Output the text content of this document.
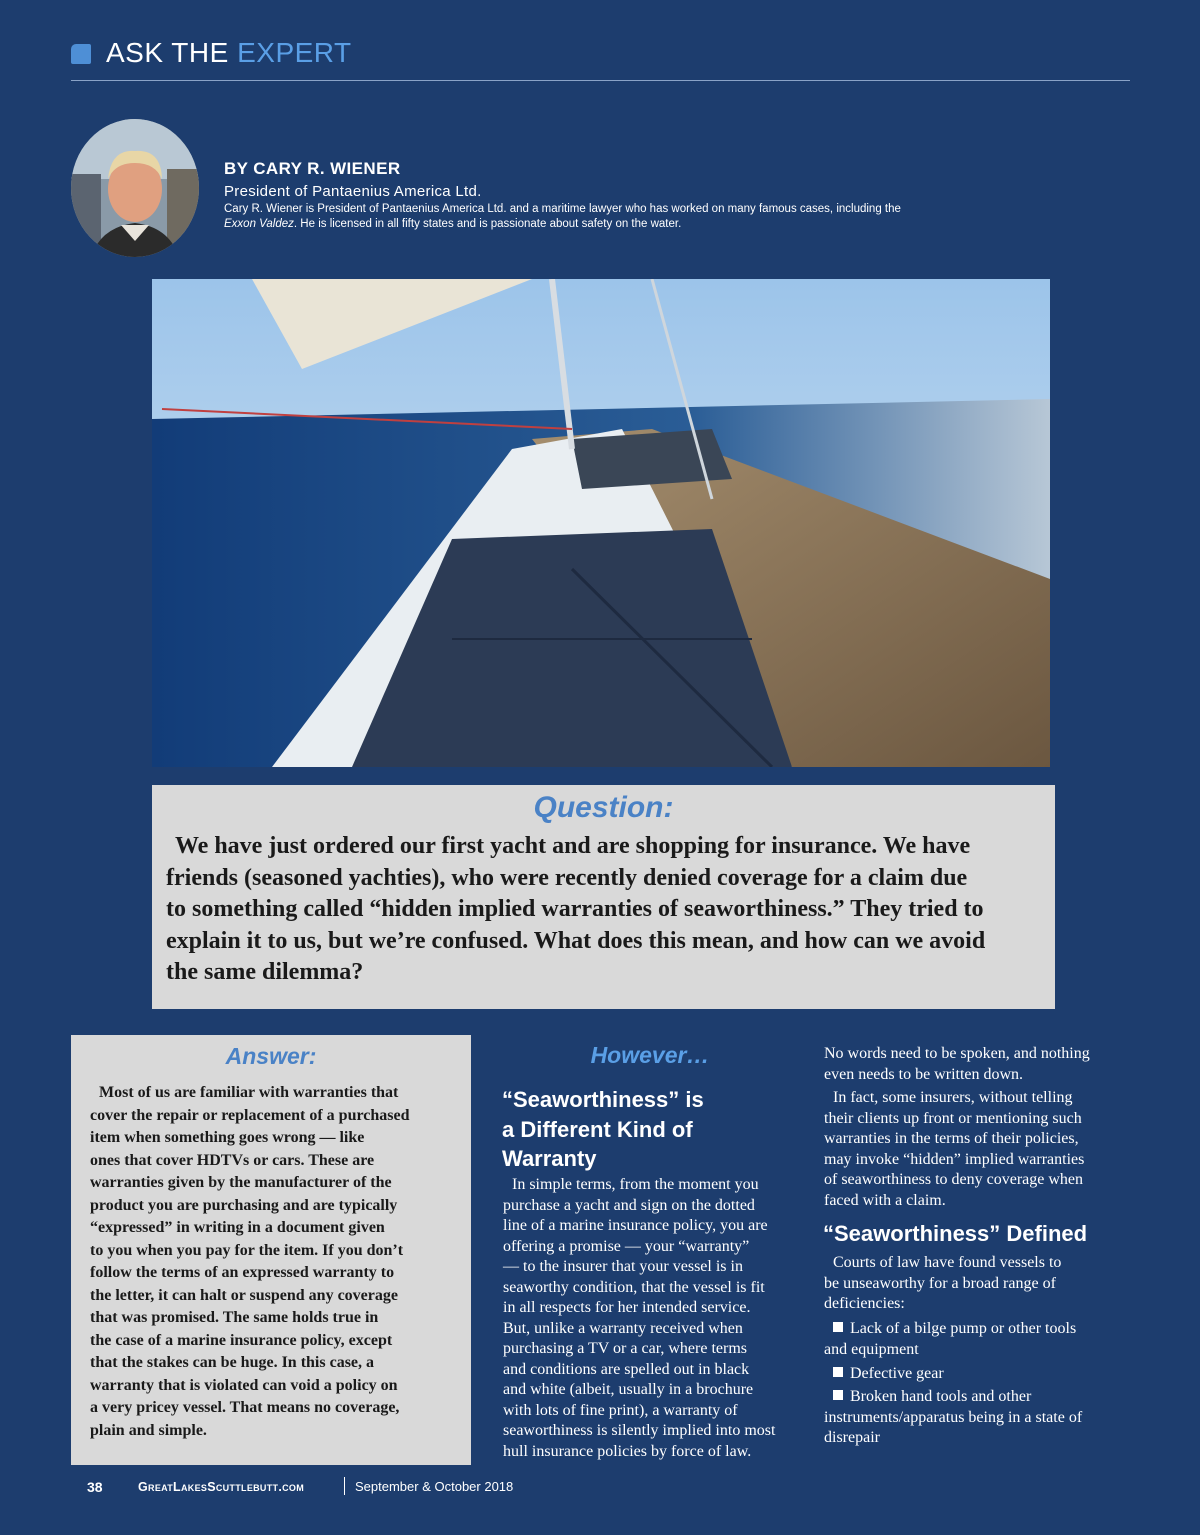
ASK THE EXPERT
BY CARY R. WIENER
President of Pantaenius America Ltd.
Cary R. Wiener is President of Pantaenius America Ltd. and a maritime lawyer who has worked on many famous cases, including the
Exxon Valdez. He is licensed in all fifty states and is passionate about safety on the water.
Question:
We have just ordered our first yacht and are shopping for insurance. We have
friends (seasoned yachties), who were recently denied coverage for a claim due
to something called “hidden implied warranties of seaworthiness.” They tried to
explain it to us, but we’re confused. What does this mean, and how can we avoid
the same dilemma?
Answer:
Most of us are familiar with warranties that
cover the repair or replacement of a purchased
item when something goes wrong — like
ones that cover HDTVs or cars. These are
warranties given by the manufacturer of the
product you are purchasing and are typically
“expressed” in writing in a document given
to you when you pay for the item. If you don’t
follow the terms of an expressed warranty to
the letter, it can halt or suspend any coverage
that was promised. The same holds true in
the case of a marine insurance policy, except
that the stakes can be huge. In this case, a
warranty that is violated can void a policy on
a very pricey vessel. That means no coverage,
plain and simple.
However…
“Seaworthiness” is
a Different Kind of
Warranty
In simple terms, from the moment you
purchase a yacht and sign on the dotted
line of a marine insurance policy, you are
offering a promise — your “warranty”
— to the insurer that your vessel is in
seaworthy condition, that the vessel is fit
in all respects for her intended service.
But, unlike a warranty received when
purchasing a TV or a car, where terms
and conditions are spelled out in black
and white (albeit, usually in a brochure
with lots of fine print), a warranty of
seaworthiness is silently implied into most
hull insurance policies by force of law.
No words need to be spoken, and nothing
even needs to be written down.
In fact, some insurers, without telling
their clients up front or mentioning such
warranties in the terms of their policies,
may invoke “hidden” implied warranties
of seaworthiness to deny coverage when
faced with a claim.
“Seaworthiness” Defined
Courts of law have found vessels to
be unseaworthy for a broad range of
deficiencies:
Lack of a bilge pump or other tools
and equipment
Defective gear
Broken hand tools and other
instruments/apparatus being in a state of
disrepair
38	GreatLakesScuttlebutt.com	September & October 2018
